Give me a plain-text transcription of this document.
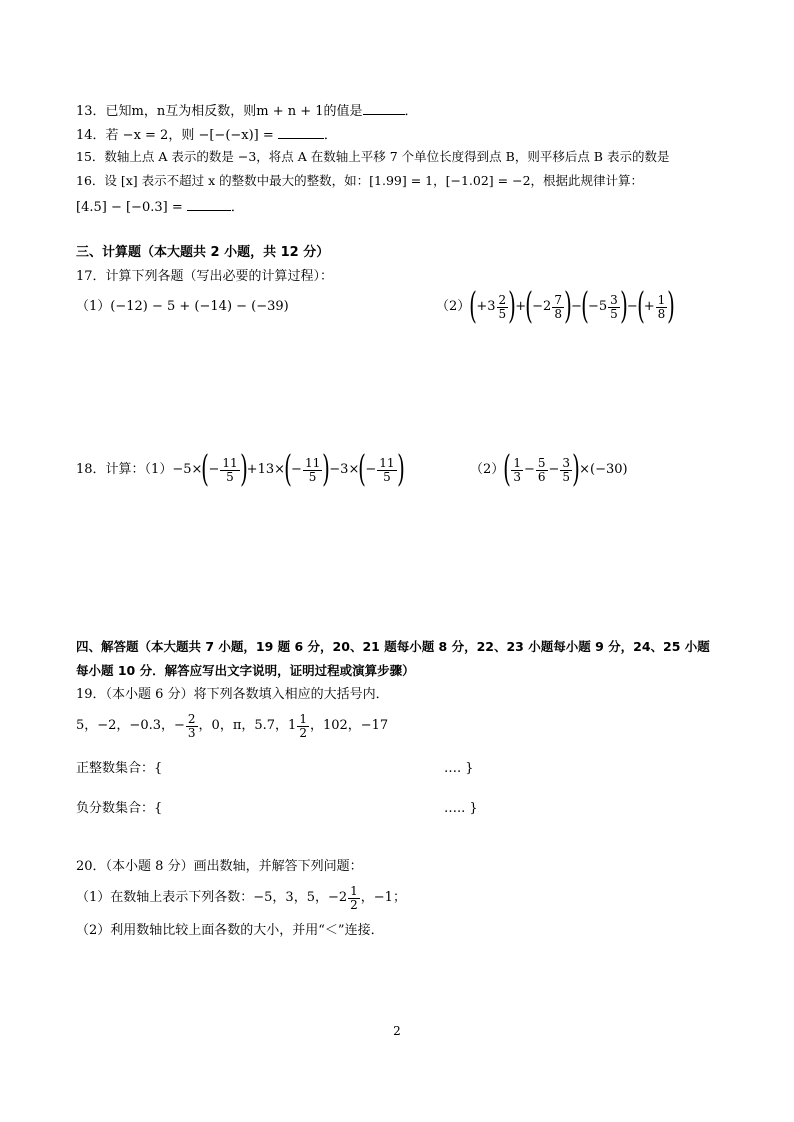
13．已知m，n互为相反数，则m + n + 1的值是	．
14．若 −x = 2，则 −[−(−x)] =	．
15．数轴上点 A 表示的数是 −3，将点 A 在数轴上平移 7 个单位长度得到点 B，则平移后点 B 表示的数是
16．设 [x] 表示不超过 x 的整数中最大的整数，如：[1.99] = 1，[−1.02] = −2，根据此规律计算：
[4.5] − [−0.3] =	．
三、计算题（本大题共 2 小题，共 12 分）
17．计算下列各题（写出必要的计算过程）：
（1）(−12) − 5 + (−14) − (−39)	（2） ( $+3 \frac{2}{5}$ ) + ( $-2 \frac{7}{8}$ ) − ( $-5 \frac{3}{5}$ ) − ( + $\frac{1}{8}$ )
18．计算：（1） −5× ( − $\frac{11}{5}$ ) +13× ( − $\frac{11}{5}$ ) −3× ( − $\frac{11}{5}$ )	（2） ( $\frac{1}{3} - \frac{5}{6} - \frac{3}{5}$ ) ×(−30)
四、解答题（本大题共 7 小题，19 题 6 分，20、21 题每小题 8 分，22、23 小题每小题 9 分，24、25 小题
每小题 10 分．解答应写出文字说明，证明过程或演算步骤）
19．（本小题 6 分）将下列各数填入相应的大括号内．
5，−2，−0.3，− $\frac{2}{3}$ ，0，π，5.7，$1 \frac{1}{2}$ ，102，−17
正整数集合：{	…. }
负分数集合：{	….. }
20．（本小题 8 分）画出数轴，并解答下列问题：
（1）在数轴上表示下列各数：−5，3，5，$-2 \frac{1}{2}$ ，−1；
（2）利用数轴比较上面各数的大小，并用“＜”连接．
2
